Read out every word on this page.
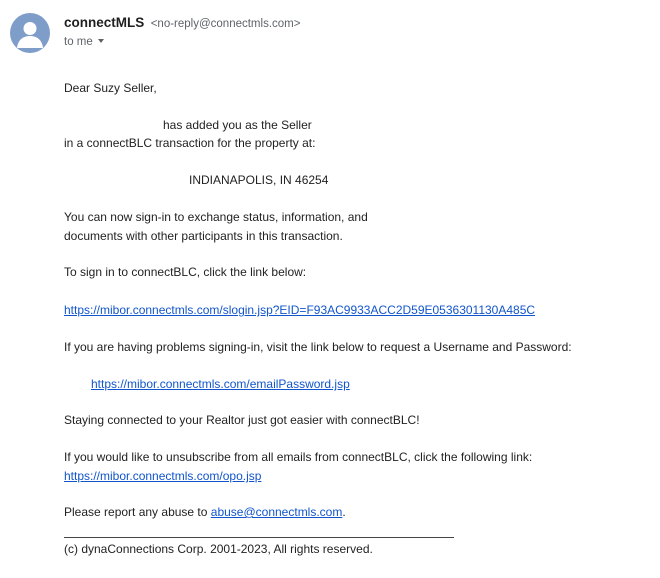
connectMLS <no-reply@connectmls.com>
to me
Dear Suzy Seller,
has added you as the Seller
in a connectBLC transaction for the property at:
INDIANAPOLIS, IN 46254
You can now sign-in to exchange status, information, and
documents with other participants in this transaction.
To sign in to connectBLC, click the link below:
https://mibor.connectmls.com/slogin.jsp?EID=F93AC9933ACC2D59E0536301130A485C
If you are having problems signing-in, visit the link below to request a Username and Password:
https://mibor.connectmls.com/emailPassword.jsp
Staying connected to your Realtor just got easier with connectBLC!
If you would like to unsubscribe from all emails from connectBLC, click the following link:
https://mibor.connectmls.com/opo.jsp
Please report any abuse to abuse@connectmls.com.
(c) dynaConnections Corp. 2001-2023, All rights reserved.
